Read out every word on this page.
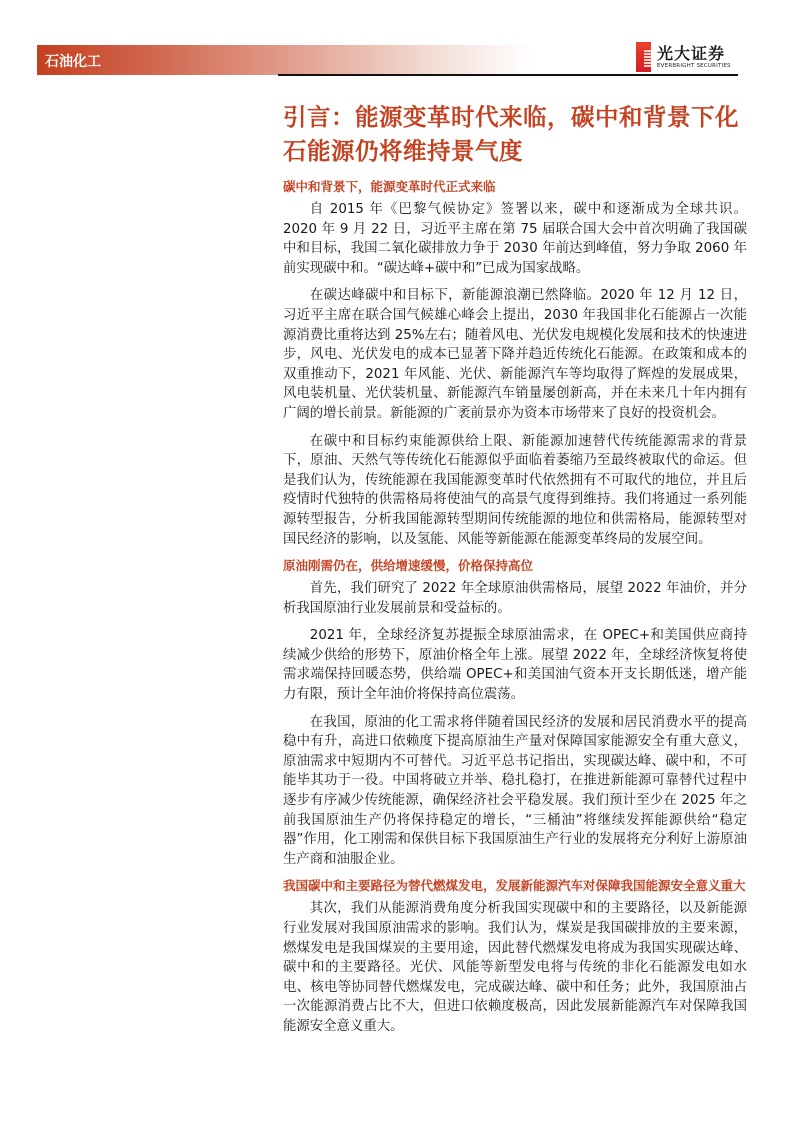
石油化工	光大证券
EVERBRIGHT SECURITIES
引言：能源变革时代来临，碳中和背景下化石能源仍将维持景气度
碳中和背景下，能源变革时代正式来临

自 2015 年《巴黎气候协定》签署以来，碳中和逐渐成为全球共识。2020 年 9 月 22 日，习近平主席在第 75 届联合国大会中首次明确了我国碳中和目标，我国二氧化碳排放力争于 2030 年前达到峰值，努力争取 2060 年前实现碳中和。“碳达峰+碳中和”已成为国家战略。

在碳达峰碳中和目标下，新能源浪潮已然降临。2020 年 12 月 12 日，习近平主席在联合国气候雄心峰会上提出，2030 年我国非化石能源占一次能源消费比重将达到 25%左右；随着风电、光伏发电规模化发展和技术的快速进步，风电、光伏发电的成本已显著下降并趋近传统化石能源。在政策和成本的双重推动下，2021 年风能、光伏、新能源汽车等均取得了辉煌的发展成果，风电装机量、光伏装机量、新能源汽车销量屡创新高，并在未来几十年内拥有广阔的增长前景。新能源的广袤前景亦为资本市场带来了良好的投资机会。

在碳中和目标约束能源供给上限、新能源加速替代传统能源需求的背景下，原油、天然气等传统化石能源似乎面临着萎缩乃至最终被取代的命运。但是我们认为，传统能源在我国能源变革时代依然拥有不可取代的地位，并且后疫情时代独特的供需格局将使油气的高景气度得到维持。我们将通过一系列能源转型报告，分析我国能源转型期间传统能源的地位和供需格局，能源转型对国民经济的影响，以及氢能、风能等新能源在能源变革终局的发展空间。

原油刚需仍在，供给增速缓慢，价格保持高位

首先，我们研究了 2022 年全球原油供需格局，展望 2022 年油价，并分析我国原油行业发展前景和受益标的。

2021 年，全球经济复苏提振全球原油需求，在 OPEC+和美国供应商持续减少供给的形势下，原油价格全年上涨。展望 2022 年，全球经济恢复将使需求端保持回暖态势，供给端 OPEC+和美国油气资本开支长期低迷，增产能力有限，预计全年油价将保持高位震荡。

在我国，原油的化工需求将伴随着国民经济的发展和居民消费水平的提高稳中有升，高进口依赖度下提高原油生产量对保障国家能源安全有重大意义，原油需求中短期内不可替代。习近平总书记指出，实现碳达峰、碳中和，不可能毕其功于一役。中国将破立并举、稳扎稳打，在推进新能源可靠替代过程中逐步有序减少传统能源，确保经济社会平稳发展。我们预计至少在 2025 年之前我国原油生产仍将保持稳定的增长，“三桶油”将继续发挥能源供给“稳定器”作用，化工刚需和保供目标下我国原油生产行业的发展将充分利好上游原油生产商和油服企业。

我国碳中和主要路径为替代燃煤发电，发展新能源汽车对保障我国能源安全意义重大

其次，我们从能源消费角度分析我国实现碳中和的主要路径，以及新能源行业发展对我国原油需求的影响。我们认为，煤炭是我国碳排放的主要来源，燃煤发电是我国煤炭的主要用途，因此替代燃煤发电将成为我国实现碳达峰、碳中和的主要路径。光伏、风能等新型发电将与传统的非化石能源发电如水电、核电等协同替代燃煤发电，完成碳达峰、碳中和任务；此外，我国原油占一次能源消费占比不大，但进口依赖度极高，因此发展新能源汽车对保障我国能源安全意义重大。
